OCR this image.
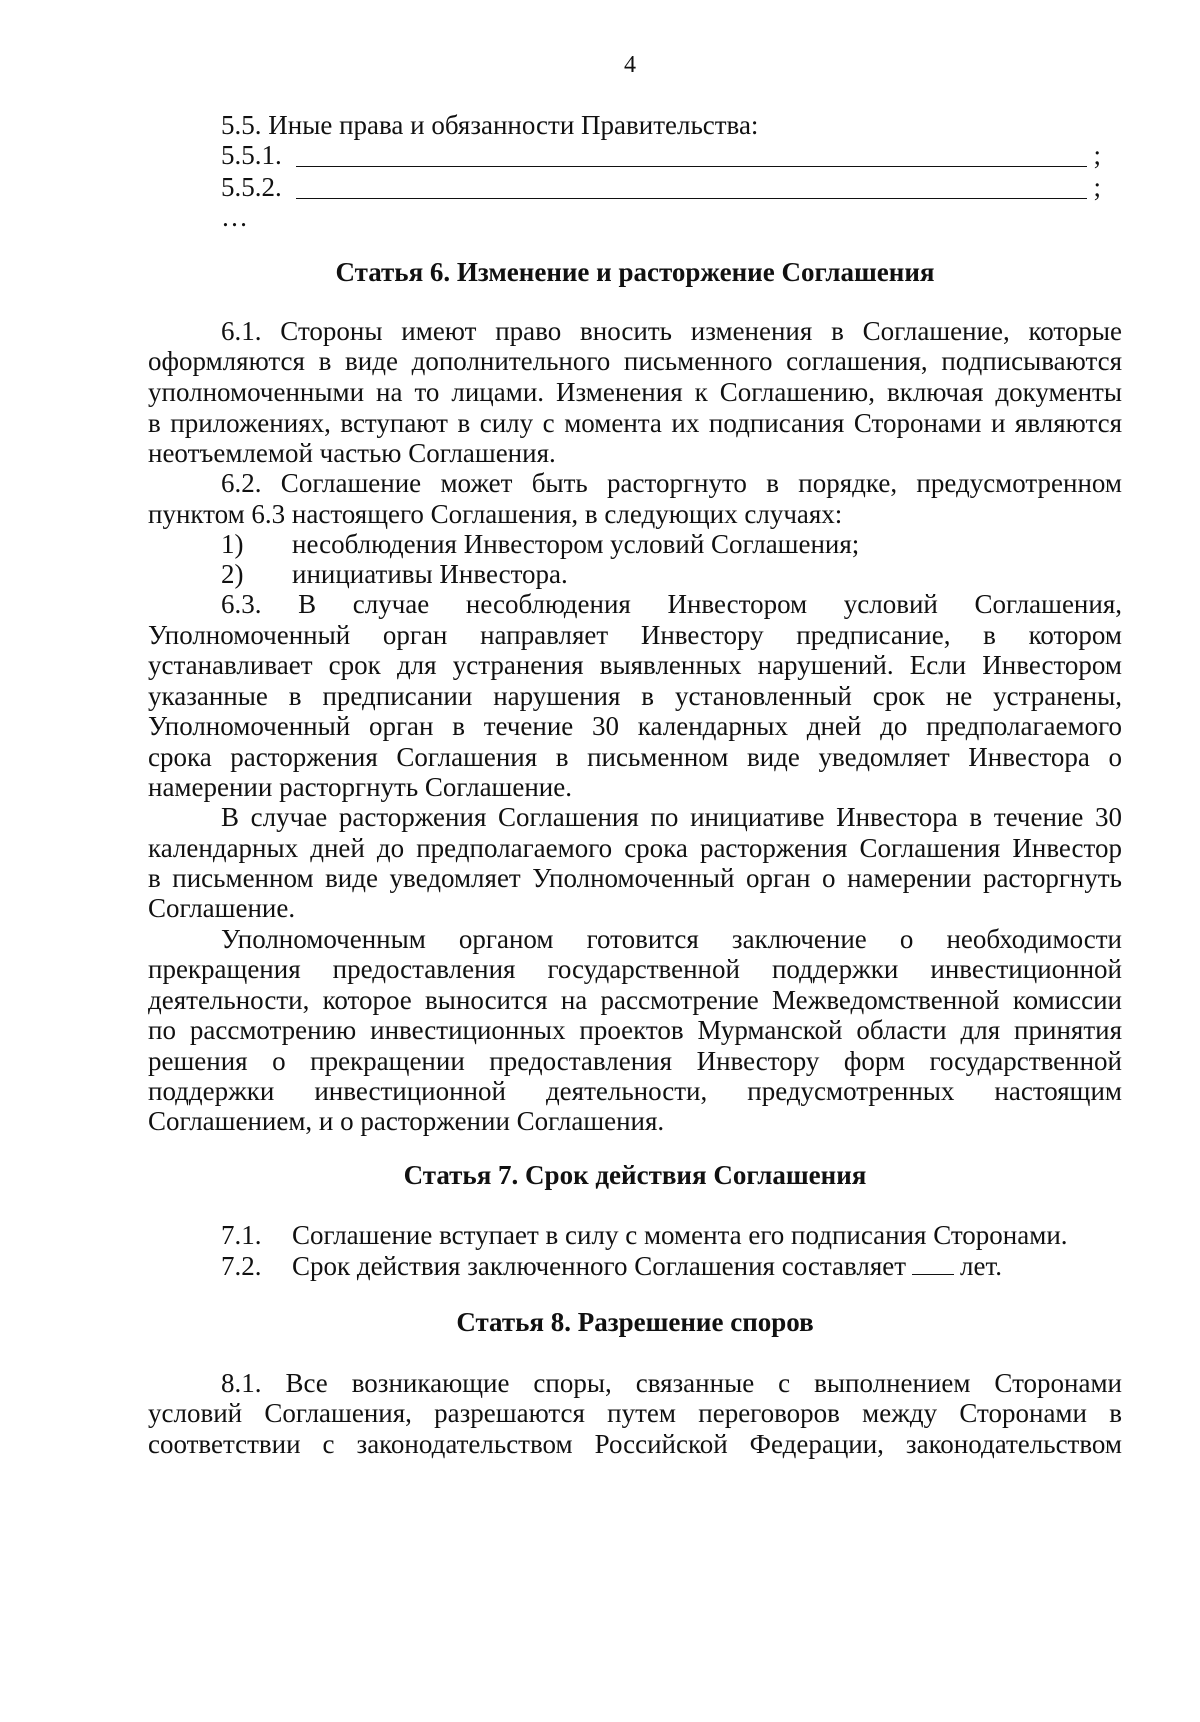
4
5.5. Иные права и обязанности Правительства:
5.5.1.	;
5.5.2.	;
…
Статья 6. Изменение и расторжение Соглашения
6.1. Стороны имеют право вносить изменения в Соглашение, которые
оформляются в виде дополнительного письменного соглашения, подписываются
уполномоченными на то лицами. Изменения к Соглашению, включая документы
в приложениях, вступают в силу с момента их подписания Сторонами и являются
неотъемлемой частью Соглашения.
6.2. Соглашение может быть расторгнуто в порядке, предусмотренном
пунктом 6.3 настоящего Соглашения, в следующих случаях:
1) несоблюдения Инвестором условий Соглашения;
2) инициативы Инвестора.
6.3. В случае несоблюдения Инвестором условий Соглашения,
Уполномоченный орган направляет Инвестору предписание, в котором
устанавливает срок для устранения выявленных нарушений. Если Инвестором
указанные в предписании нарушения в установленный срок не устранены,
Уполномоченный орган в течение 30 календарных дней до предполагаемого
срока расторжения Соглашения в письменном виде уведомляет Инвестора о
намерении расторгнуть Соглашение.
В случае расторжения Соглашения по инициативе Инвестора в течение 30
календарных дней до предполагаемого срока расторжения Соглашения Инвестор
в письменном виде уведомляет Уполномоченный орган о намерении расторгнуть
Соглашение.
Уполномоченным органом готовится заключение о необходимости
прекращения предоставления государственной поддержки инвестиционной
деятельности, которое выносится на рассмотрение Межведомственной комиссии
по рассмотрению инвестиционных проектов Мурманской области для принятия
решения о прекращении предоставления Инвестору форм государственной
поддержки инвестиционной деятельности, предусмотренных настоящим
Соглашением, и о расторжении Соглашения.
Статья 7. Срок действия Соглашения
7.1. Соглашение вступает в силу с момента его подписания Сторонами.
7.2. Срок действия заключенного Соглашения составляет лет.
Статья 8. Разрешение споров
8.1. Все возникающие споры, связанные с выполнением Сторонами
условий Соглашения, разрешаются путем переговоров между Сторонами в
соответствии с законодательством Российской Федерации, законодательством
